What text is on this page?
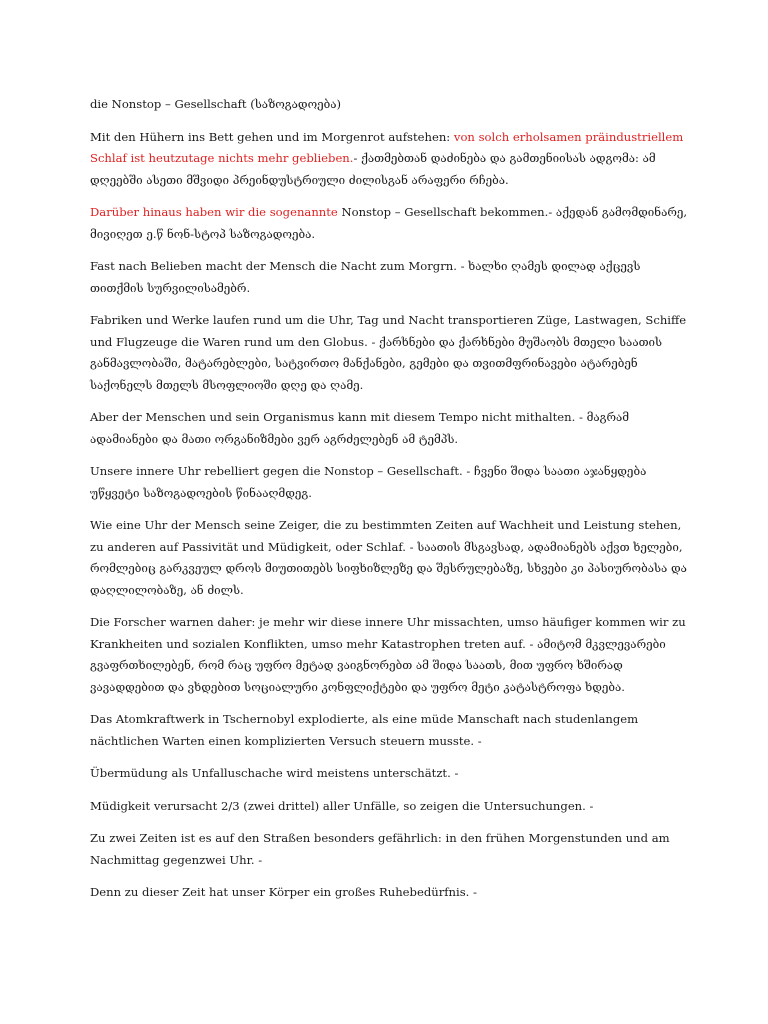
die Nonstop – Gesellschaft (საზოგადოება)

Mit den Hühern ins Bett gehen und im Morgenrot aufstehen: von solch erholsamen präindustriellem Schlaf ist heutzutage nichts mehr geblieben.- ქათმებთან დაძინება და გამთენიისას ადგომა: ამ დღეებში ასეთი მშვიდი პრეინდუსტრიული ძილისგან არაფერი რჩება.

Darüber hinaus haben wir die sogenannte Nonstop – Gesellschaft bekommen.- აქედან გამომდინარე, მივიღეთ ე.წ ნონ-სტოპ საზოგადოება.

Fast nach Belieben macht der Mensch die Nacht zum Morgrn. - ხალხი ღამეს დილად აქცევს თითქმის სურვილისამებრ.

Fabriken und Werke laufen rund um die Uhr, Tag und Nacht transportieren Züge, Lastwagen, Schiffe und Flugzeuge die Waren rund um den Globus. - ქარხნები და ქარხნები მუშაობს მთელი საათის განმავლობაში, მატარებლები, სატვირთო მანქანები, გემები და თვითმფრინავები ატარებენ საქონელს მთელს მსოფლიოში დღე და ღამე.

Aber der Menschen und sein Organismus kann mit diesem Tempo nicht mithalten. - მაგრამ ადამიანები და მათი ორგანიზმები ვერ აგრძელებენ ამ ტემპს.

Unsere innere Uhr rebelliert gegen die Nonstop – Gesellschaft. - ჩვენი შიდა საათი აჯანყდება უწყვეტი საზოგადოების წინააღმდეგ.

Wie eine Uhr der Mensch seine Zeiger, die zu bestimmten Zeiten auf Wachheit und Leistung stehen, zu anderen auf Passivität und Müdigkeit, oder Schlaf. - საათის მსგავსად, ადამიანებს აქვთ ხელები, რომლებიც გარკვეულ დროს მიუთითებს სიფხიზლეზე და შესრულებაზე, სხვები კი პასიურობასა და დაღლილობაზე, ან ძილს.

Die Forscher warnen daher: je mehr wir diese innere Uhr missachten, umso häufiger kommen wir zu Krankheiten und sozialen Konflikten, umso mehr Katastrophen treten auf. - ამიტომ მკვლევარები გვაფრთხილებენ, რომ რაც უფრო მეტად ვაიგნორებთ ამ შიდა საათს, მით უფრო ხშირად ვავადდებით და ვხდებით სოციალური კონფლიქტები და უფრო მეტი კატასტროფა ხდება.

Das Atomkraftwerk in Tschernobyl explodierte, als eine müde Manschaft nach studenlangem nächtlichen Warten einen komplizierten Versuch steuern musste. -

Übermüdung als Unfalluschache wird meistens unterschätzt. -

Müdigkeit verursacht 2/3 (zwei drittel) aller Unfälle, so zeigen die Untersuchungen. -

Zu zwei Zeiten ist es auf den Straßen besonders gefährlich: in den frühen Morgenstunden und am Nachmittag gegenzwei Uhr. -

Denn zu dieser Zeit hat unser Körper ein großes Ruhebedürfnis. -
